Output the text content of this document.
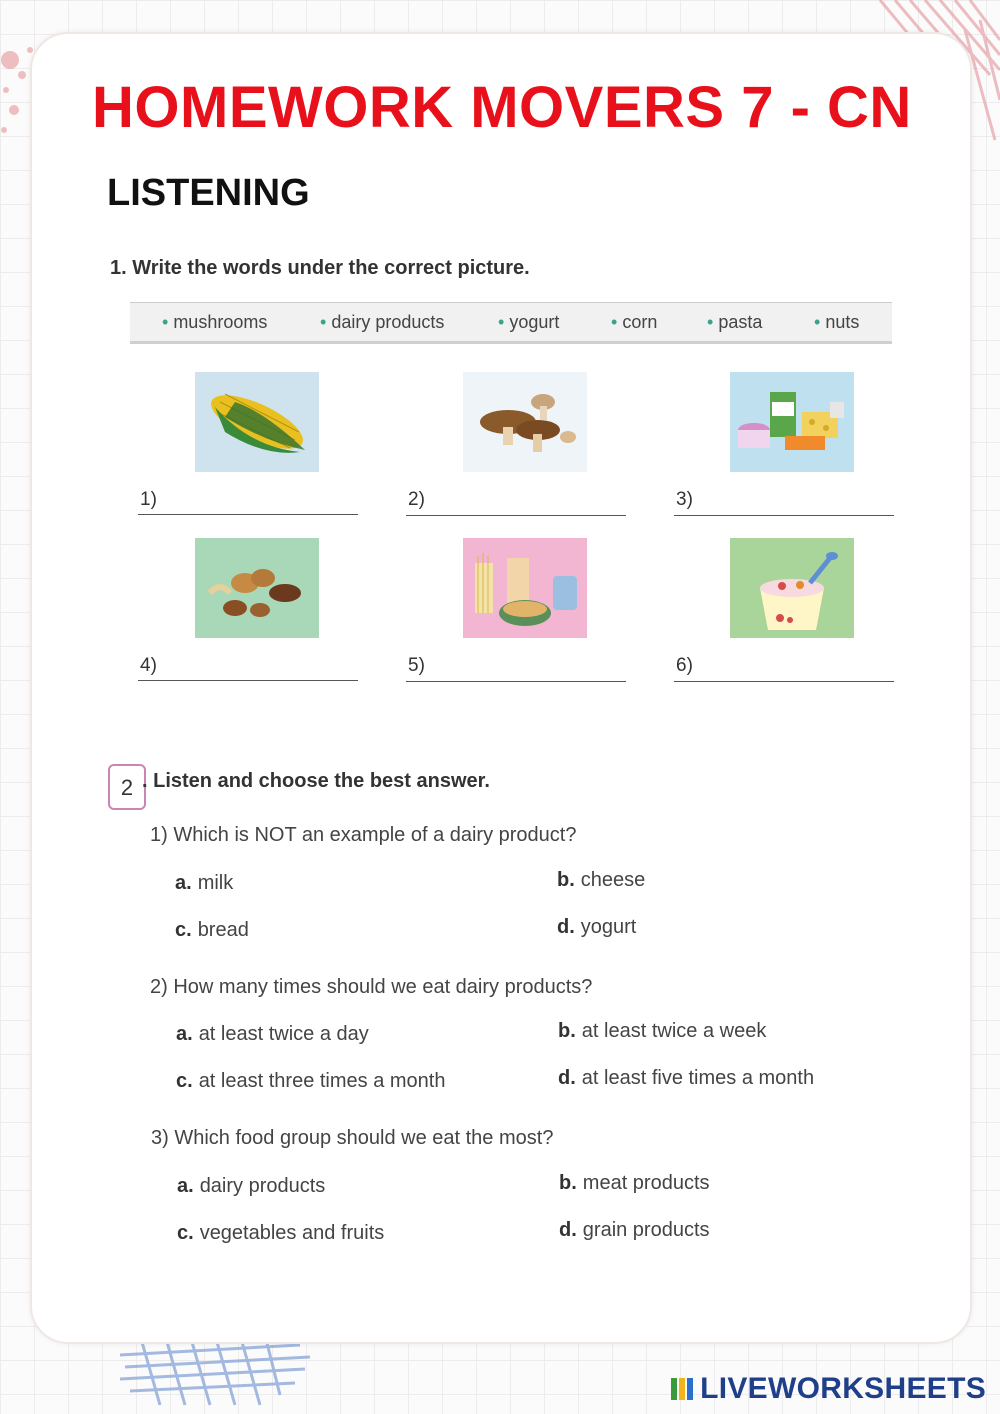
HOMEWORK MOVERS 7 - CN
LISTENING
1. Write the words under the correct picture.
• mushrooms	• dairy products	• yogurt	• corn	• pasta	• nuts
1)	2)	3)
4)	5)	6)
2 . Listen and choose the best answer.
1) Which is NOT an example of a dairy product?
a. milk	b. cheese
c. bread	d. yogurt
2) How many times should we eat dairy products?
a. at least twice a day	b. at least twice a week
c. at least three times a month	d. at least five times a month
3) Which food group should we eat the most?
a. dairy products	b. meat products
c. vegetables and fruits	d. grain products
LIVEWORKSHEETS
